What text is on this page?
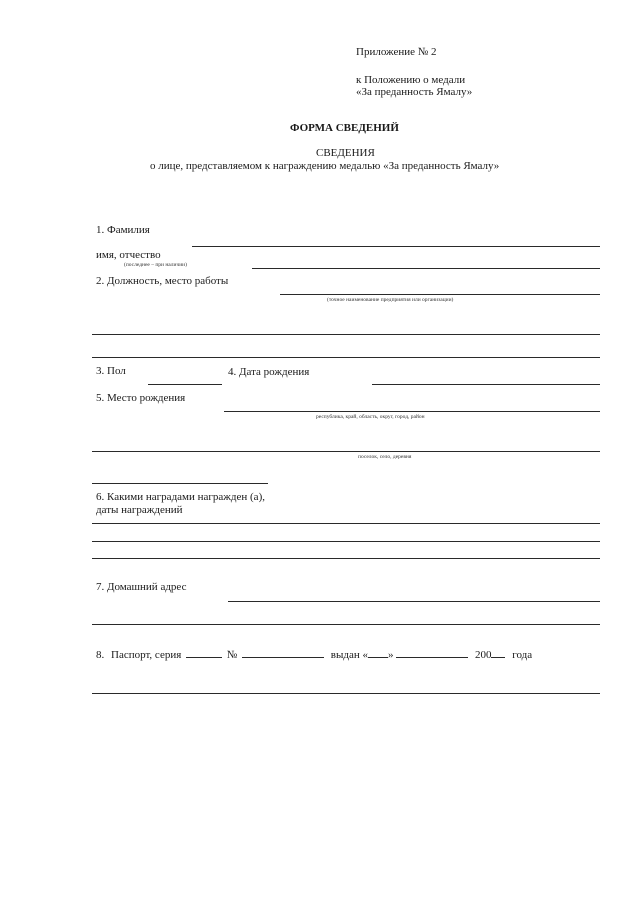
Приложение № 2
к Положению о медали
«За преданность Ямалу»
ФОРМА СВЕДЕНИЙ
СВЕДЕНИЯ
о лице, представляемом к награждению медалью «За преданность Ямалу»
1. Фамилия
имя, отчество
(последнее – при наличии)
2. Должность, место работы
(точное наименование предприятия или организации)
3. Пол	4. Дата рождения
5. Место рождения
республика, край, область, округ, город, район
поселок, село, деревня
6. Какими наградами награжден (а),
даты награждений
7. Домашний адрес
8. Паспорт, серия	№	выдан « »	200 года
